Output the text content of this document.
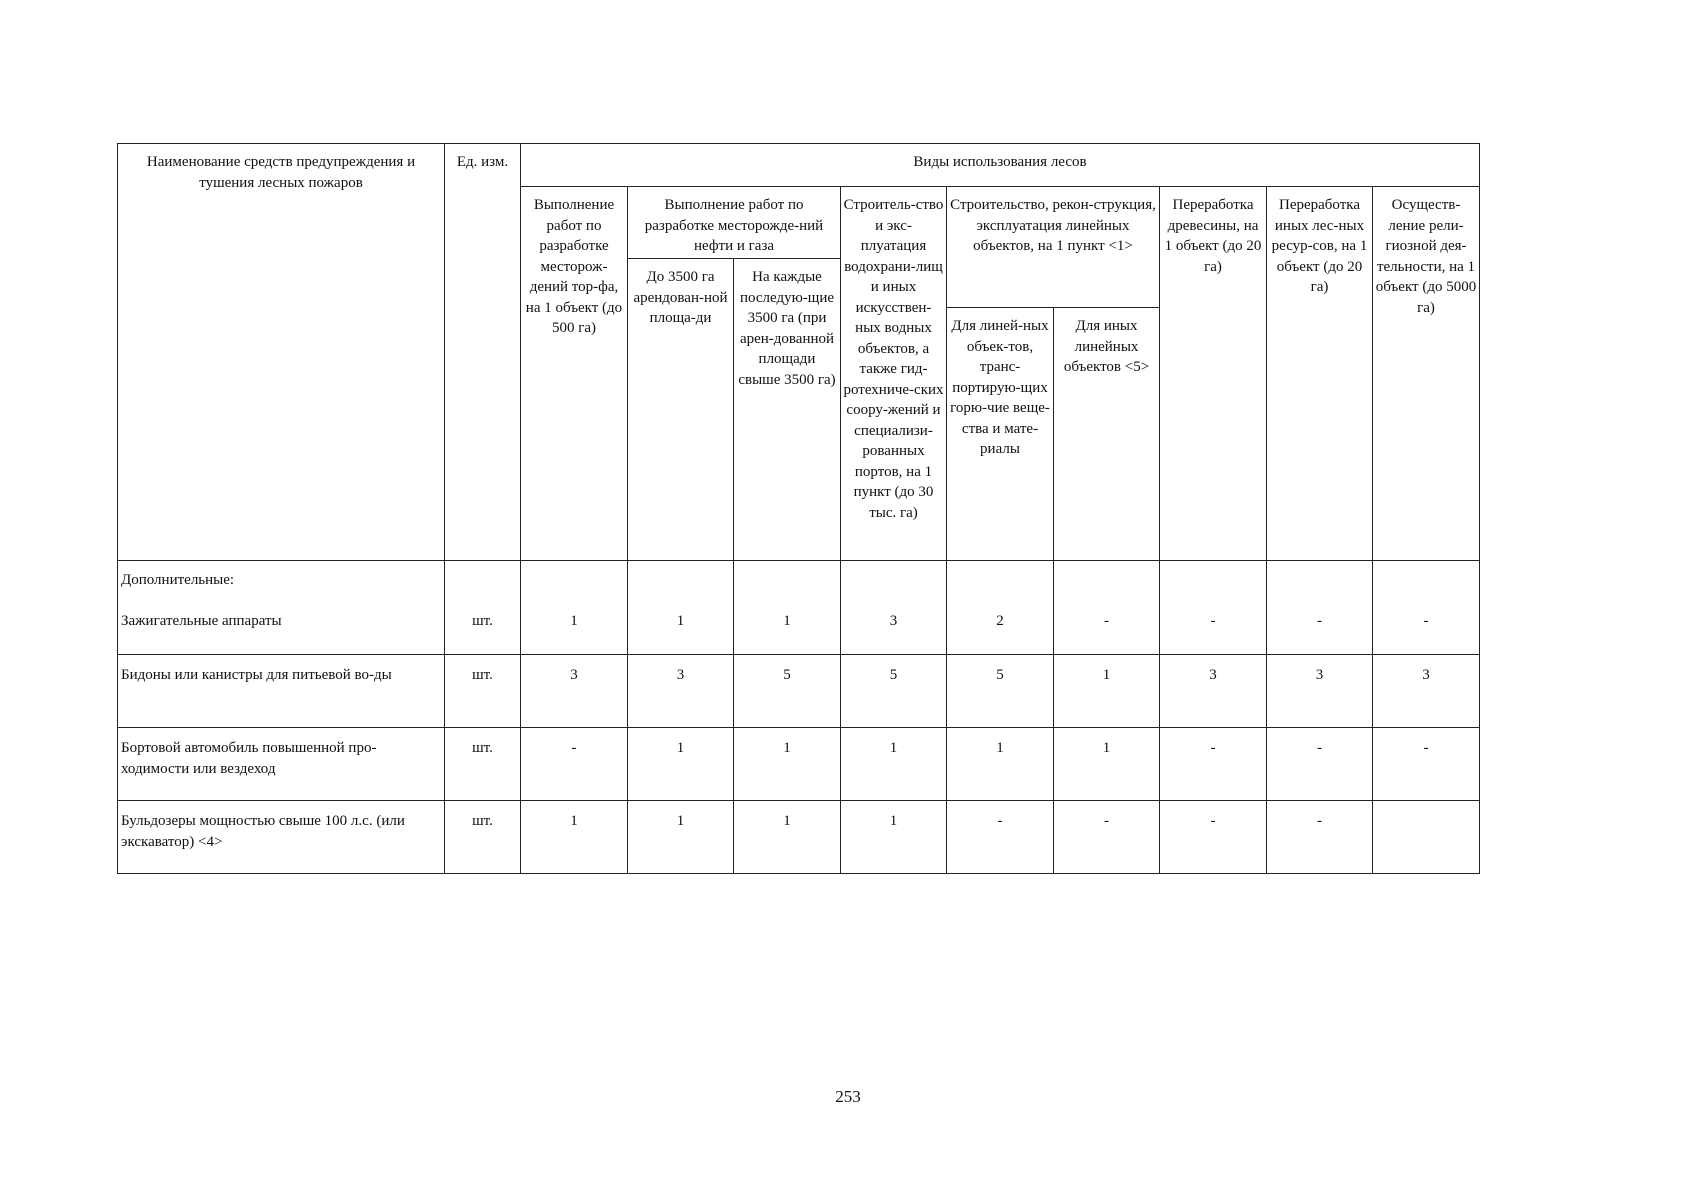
Наименование средств предупреждения и тушения лесных пожаров	Ед. изм.	Виды использования лесов								
		Выполнение работ по разработке месторож-дений тор-фа, на 1 объект (до 500 га)	Выполнение работ по разработке месторожде-ний нефти и газа		Строитель-ство и экс-плуатация водохрани-лищ и иных искусствен-ных водных объектов, а также гид-ротехниче-ских соору-жений и специализи-рованных портов, на 1 пункт (до 30 тыс. га)	Строительство, рекон-струкция, эксплуатация линейных объектов, на 1 пункт <1>		Переработка древесины, на 1 объект (до 20 га)	Переработка иных лес-ных ресур-сов, на 1 объект (до 20 га)	Осуществ-ление рели-гиозной дея-тельности, на 1 объект (до 5000 га)
			До 3500 га арендован-ной площа-ди	На каждые последую-щие 3500 га (при арен-дованной площади свыше 3500 га)						
						Для линей-ных объек-тов, транс-портирую-щих горю-чие веще-ства и мате-риалы	Для иных линейных объектов <5>			
Дополнительные:										
Зажигательные аппараты	шт.	1	1	1	3	2	-	-	-	-
Бидоны или канистры для питьевой во-ды	шт.	3	3	5	5	5	1	3	3	3
Бортовой автомобиль повышенной про-ходимости или вездеход	шт.	-	1	1	1	1	1	-	-	-
Бульдозеры мощностью свыше 100 л.с. (или экскаватор) <4>	шт.	1	1	1	1	-	-	-	-	
253
